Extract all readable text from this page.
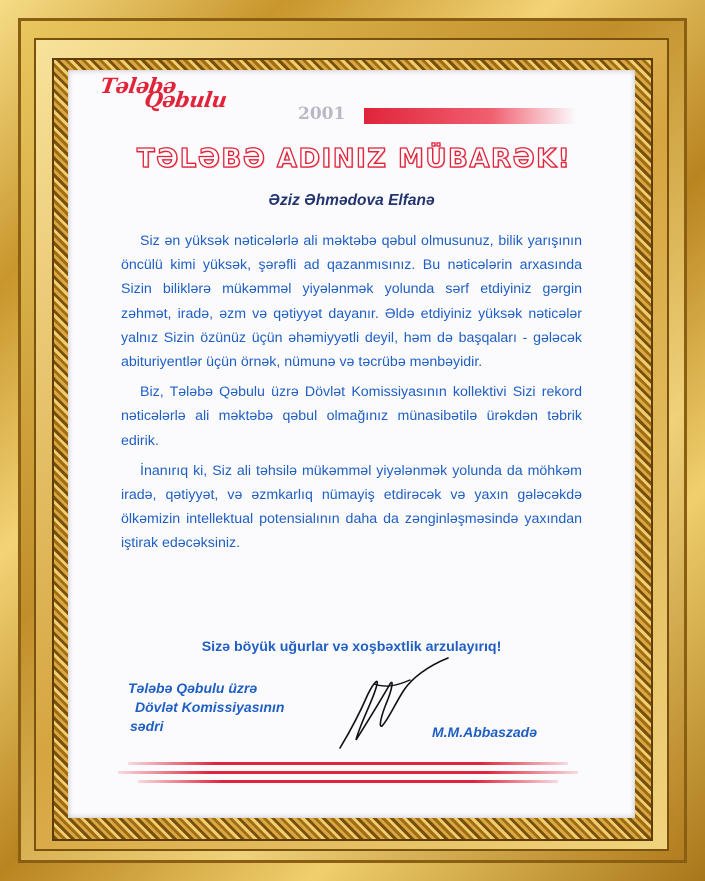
Tələbə
Qəbulu
2001
TƏLƏBƏ ADINIZ MÜBARƏK!
Əziz Əhmədova Elfanə

Siz ən yüksək nəticələrlə ali məktəbə qəbul olmusunuz, bilik yarışının öncülü kimi yüksək, şərəfli ad qazanmısınız. Bu nəticələrin arxasında Sizin biliklərə mükəmməl yiyələnmək yolunda sərf etdiyiniz gərgin zəhmət, iradə, əzm və qətiyyət dayanır. Əldə etdiyiniz yüksək nəticələr yalnız Sizin özünüz üçün əhəmiyyətli deyil, həm də başqaları - gələcək abituriyentlər üçün örnək, nümunə və təcrübə mənbəyidir.

Biz, Tələbə Qəbulu üzrə Dövlət Komissiyasının kollektivi Sizi rekord nəticələrlə ali məktəbə qəbul olmağınız münasibətilə ürəkdən təbrik edirik.

İnanırıq ki, Siz ali təhsilə mükəmməl yiyələnmək yolunda da möhkəm iradə, qətiyyət, və əzmkarlıq nümayiş etdirəcək və yaxın gələcəkdə ölkəmizin intellektual potensialının daha da zənginləşməsində yaxından iştirak edəcəksiniz.

Sizə böyük uğurlar və xoşbəxtlik arzulayırıq!
Tələbə Qəbulu üzrə
Dövlət Komissiyasının
sədri	M.M.Abbaszadə
